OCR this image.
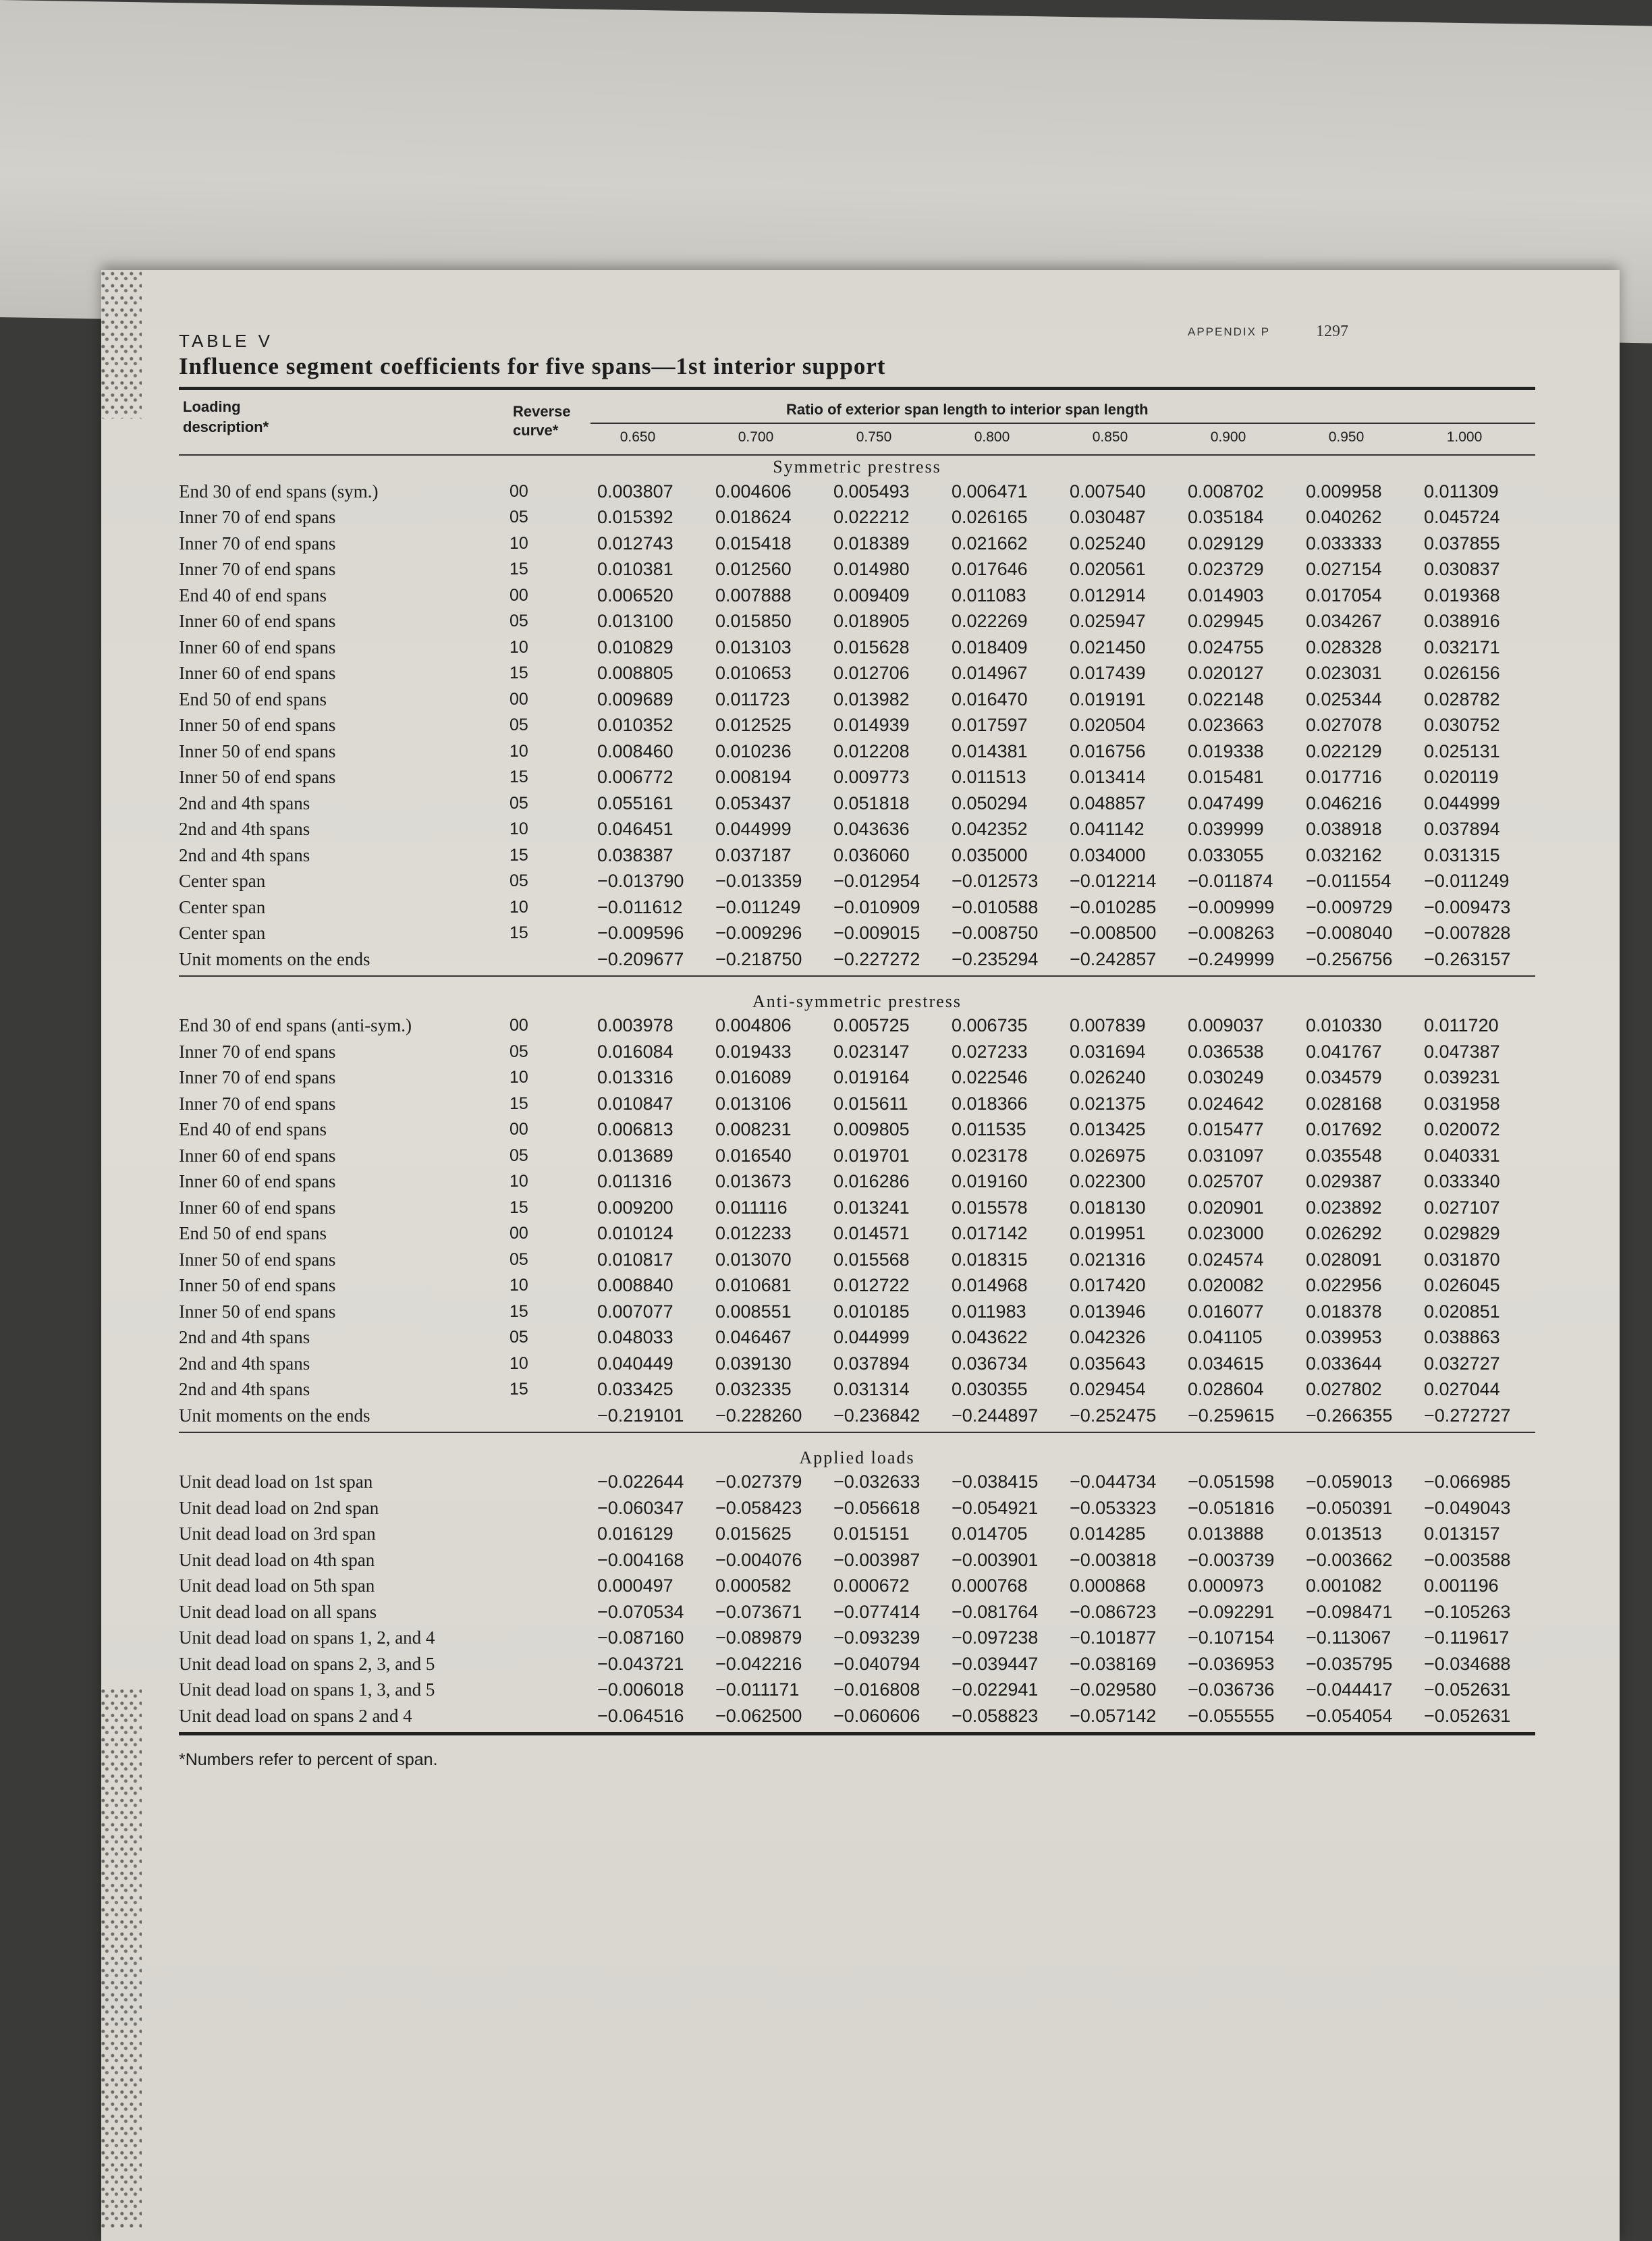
APPENDIX P	1297

TABLE V

Influence segment coefficients for five spans—1st interior support

Loading
description*
Reverse
curve*
Ratio of exterior span length to interior span length
0.650	0.700	0.750	0.800	0.850	0.900	0.950	1.000
Symmetric prestress
End 30 of end spans (sym.)	00	0.003807	0.004606	0.005493	0.006471	0.007540	0.008702	0.009958	0.011309
Inner 70 of end spans	05	0.015392	0.018624	0.022212	0.026165	0.030487	0.035184	0.040262	0.045724
Inner 70 of end spans	10	0.012743	0.015418	0.018389	0.021662	0.025240	0.029129	0.033333	0.037855
Inner 70 of end spans	15	0.010381	0.012560	0.014980	0.017646	0.020561	0.023729	0.027154	0.030837
End 40 of end spans	00	0.006520	0.007888	0.009409	0.011083	0.012914	0.014903	0.017054	0.019368
Inner 60 of end spans	05	0.013100	0.015850	0.018905	0.022269	0.025947	0.029945	0.034267	0.038916
Inner 60 of end spans	10	0.010829	0.013103	0.015628	0.018409	0.021450	0.024755	0.028328	0.032171
Inner 60 of end spans	15	0.008805	0.010653	0.012706	0.014967	0.017439	0.020127	0.023031	0.026156
End 50 of end spans	00	0.009689	0.011723	0.013982	0.016470	0.019191	0.022148	0.025344	0.028782
Inner 50 of end spans	05	0.010352	0.012525	0.014939	0.017597	0.020504	0.023663	0.027078	0.030752
Inner 50 of end spans	10	0.008460	0.010236	0.012208	0.014381	0.016756	0.019338	0.022129	0.025131
Inner 50 of end spans	15	0.006772	0.008194	0.009773	0.011513	0.013414	0.015481	0.017716	0.020119
2nd and 4th spans	05	0.055161	0.053437	0.051818	0.050294	0.048857	0.047499	0.046216	0.044999
2nd and 4th spans	10	0.046451	0.044999	0.043636	0.042352	0.041142	0.039999	0.038918	0.037894
2nd and 4th spans	15	0.038387	0.037187	0.036060	0.035000	0.034000	0.033055	0.032162	0.031315
Center span	05	−0.013790	−0.013359	−0.012954	−0.012573	−0.012214	−0.011874	−0.011554	−0.011249
Center span	10	−0.011612	−0.011249	−0.010909	−0.010588	−0.010285	−0.009999	−0.009729	−0.009473
Center span	15	−0.009596	−0.009296	−0.009015	−0.008750	−0.008500	−0.008263	−0.008040	−0.007828
Unit moments on the ends		−0.209677	−0.218750	−0.227272	−0.235294	−0.242857	−0.249999	−0.256756	−0.263157
Anti-symmetric prestress
End 30 of end spans (anti-sym.)	00	0.003978	0.004806	0.005725	0.006735	0.007839	0.009037	0.010330	0.011720
Inner 70 of end spans	05	0.016084	0.019433	0.023147	0.027233	0.031694	0.036538	0.041767	0.047387
Inner 70 of end spans	10	0.013316	0.016089	0.019164	0.022546	0.026240	0.030249	0.034579	0.039231
Inner 70 of end spans	15	0.010847	0.013106	0.015611	0.018366	0.021375	0.024642	0.028168	0.031958
End 40 of end spans	00	0.006813	0.008231	0.009805	0.011535	0.013425	0.015477	0.017692	0.020072
Inner 60 of end spans	05	0.013689	0.016540	0.019701	0.023178	0.026975	0.031097	0.035548	0.040331
Inner 60 of end spans	10	0.011316	0.013673	0.016286	0.019160	0.022300	0.025707	0.029387	0.033340
Inner 60 of end spans	15	0.009200	0.011116	0.013241	0.015578	0.018130	0.020901	0.023892	0.027107
End 50 of end spans	00	0.010124	0.012233	0.014571	0.017142	0.019951	0.023000	0.026292	0.029829
Inner 50 of end spans	05	0.010817	0.013070	0.015568	0.018315	0.021316	0.024574	0.028091	0.031870
Inner 50 of end spans	10	0.008840	0.010681	0.012722	0.014968	0.017420	0.020082	0.022956	0.026045
Inner 50 of end spans	15	0.007077	0.008551	0.010185	0.011983	0.013946	0.016077	0.018378	0.020851
2nd and 4th spans	05	0.048033	0.046467	0.044999	0.043622	0.042326	0.041105	0.039953	0.038863
2nd and 4th spans	10	0.040449	0.039130	0.037894	0.036734	0.035643	0.034615	0.033644	0.032727
2nd and 4th spans	15	0.033425	0.032335	0.031314	0.030355	0.029454	0.028604	0.027802	0.027044
Unit moments on the ends		−0.219101	−0.228260	−0.236842	−0.244897	−0.252475	−0.259615	−0.266355	−0.272727
Applied loads
Unit dead load on 1st span		−0.022644	−0.027379	−0.032633	−0.038415	−0.044734	−0.051598	−0.059013	−0.066985
Unit dead load on 2nd span		−0.060347	−0.058423	−0.056618	−0.054921	−0.053323	−0.051816	−0.050391	−0.049043
Unit dead load on 3rd span		0.016129	0.015625	0.015151	0.014705	0.014285	0.013888	0.013513	0.013157
Unit dead load on 4th span		−0.004168	−0.004076	−0.003987	−0.003901	−0.003818	−0.003739	−0.003662	−0.003588
Unit dead load on 5th span		0.000497	0.000582	0.000672	0.000768	0.000868	0.000973	0.001082	0.001196
Unit dead load on all spans		−0.070534	−0.073671	−0.077414	−0.081764	−0.086723	−0.092291	−0.098471	−0.105263
Unit dead load on spans 1, 2, and 4		−0.087160	−0.089879	−0.093239	−0.097238	−0.101877	−0.107154	−0.113067	−0.119617
Unit dead load on spans 2, 3, and 5		−0.043721	−0.042216	−0.040794	−0.039447	−0.038169	−0.036953	−0.035795	−0.034688
Unit dead load on spans 1, 3, and 5		−0.006018	−0.011171	−0.016808	−0.022941	−0.029580	−0.036736	−0.044417	−0.052631
Unit dead load on spans 2 and 4		−0.064516	−0.062500	−0.060606	−0.058823	−0.057142	−0.055555	−0.054054	−0.052631
*Numbers refer to percent of span.
